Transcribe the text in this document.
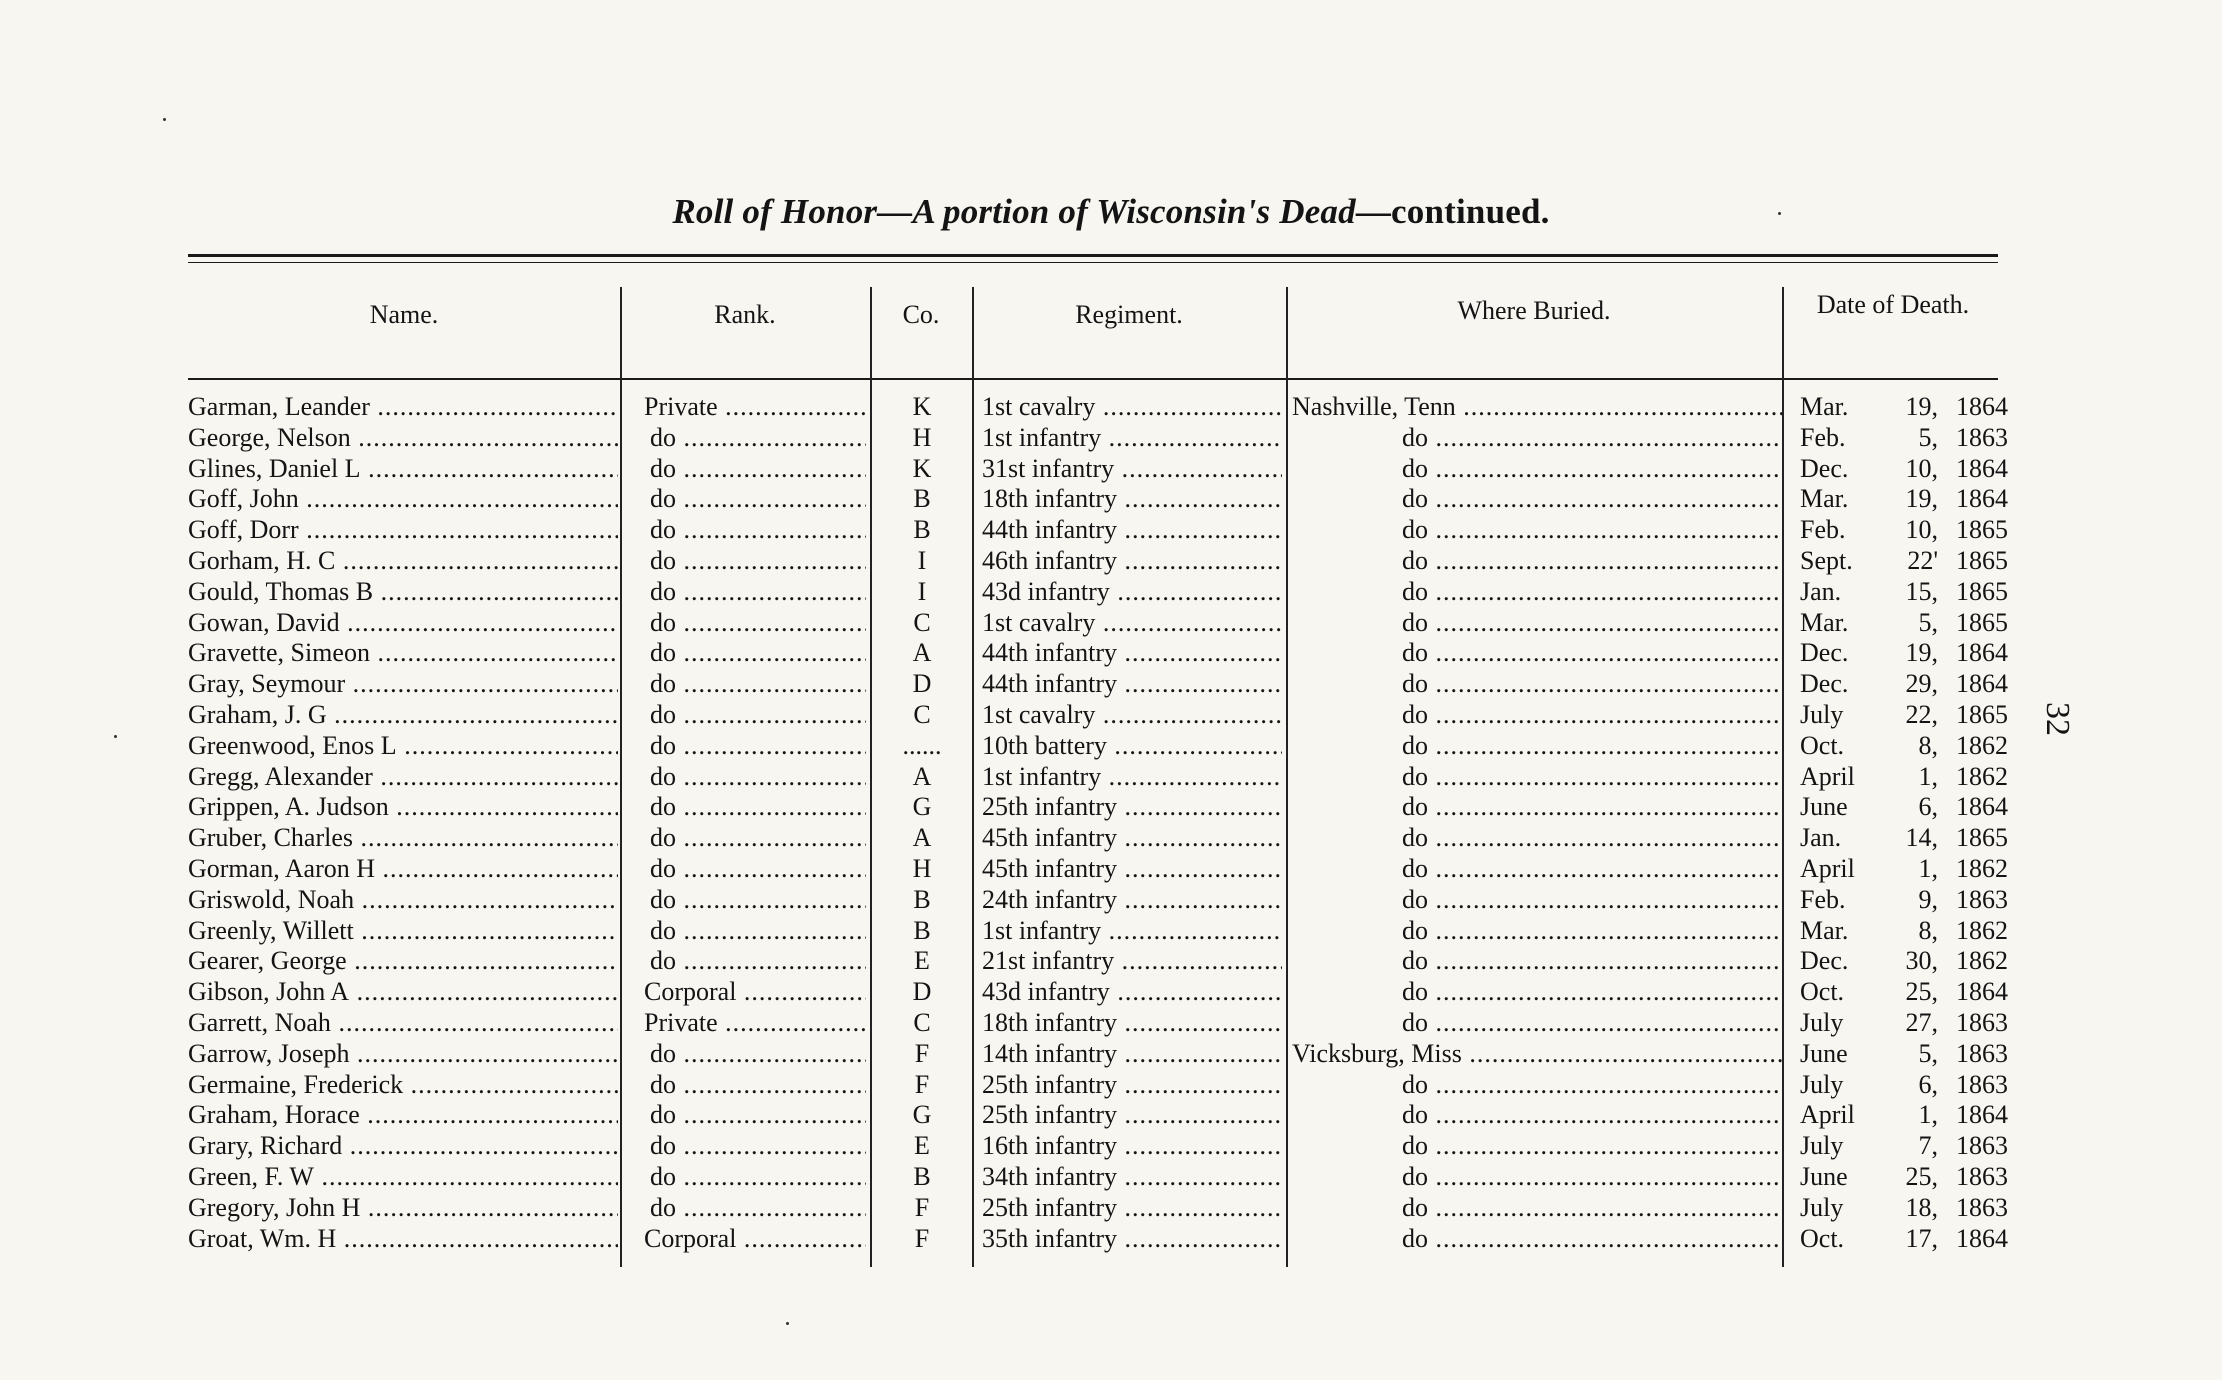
Roll of Honor—A portion of Wisconsin's Dead—continued.
32
Name.	Rank.	Co.	Regiment.	Where Buried.	Date of Death.
Garman, Leander .....	Private .....	K	1st cavalry .....	Nashville, Tenn .....	Mar. 19, 1864
George, Nelson .....	do .....	H	1st infantry .....	do .....	Feb.	5, 1863
Glines, Daniel L .....	do .....	K	31st infantry .....	do .....	Dec. 10, 1864
Goff, John .....	do .....	B	18th infantry .....	do .....	Mar. 19, 1864
Goff, Dorr .....	do .....	B	44th infantry .....	do .....	Feb. 10, 1865
Gorham, H. C .....	do .....	I	46th infantry .....	do .....	Sept. 22' 1865
Gould, Thomas B .....	do .....	I	43d infantry .....	do .....	Jan. 15, 1865
Gowan, David .....	do .....	C	1st cavalry .....	do .....	Mar.	5, 1865
Gravette, Simeon .....	do .....	A	44th infantry .....	do .....	Dec. 19, 1864
Gray, Seymour .....	do .....	D	44th infantry .....	do .....	Dec. 29, 1864
Graham, J. G .....	do .....	C	1st cavalry .....	do .....	July 22, 1865
Greenwood, Enos L .....	do .....	......	10th battery .....	do .....	Oct.	8, 1862
Gregg, Alexander .....	do .....	A	1st infantry .....	do .....	April 1, 1862
Grippen, A. Judson .....	do .....	G	25th infantry .....	do .....	June	6, 1864
Gruber, Charles .....	do .....	A	45th infantry .....	do .....	Jan. 14, 1865
Gorman, Aaron H .....	do .....	H	45th infantry .....	do .....	April 1, 1862
Griswold, Noah .....	do .....	B	24th infantry .....	do .....	Feb.	9, 1863
Greenly, Willett .....	do .....	B	1st infantry .....	do .....	Mar.	8, 1862
Gearer, George .....	do .....	E	21st infantry .....	do .....	Dec. 30, 1862
Gibson, John A .....	Corporal .....	D	43d infantry .....	do .....	Oct. 25, 1864
Garrett, Noah .....	Private .....	C	18th infantry .....	do .....	July 27, 1863
Garrow, Joseph .....	do .....	F	14th infantry .....	Vicksburg, Miss .....	June	5, 1863
Germaine, Frederick .....	do .....	F	25th infantry .....	do .....	July	6, 1863
Graham, Horace .....	do .....	G	25th infantry .....	do .....	April 1, 1864
Grary, Richard .....	do .....	E	16th infantry .....	do .....	July	7, 1863
Green, F. W .....	do .....	B	34th infantry .....	do .....	June 25, 1863
Gregory, John H .....	do .....	F	25th infantry .....	do .....	July 18, 1863
Groat, Wm. H .....	Corporal .....	F	35th infantry .....	do .....	Oct. 17, 1864
